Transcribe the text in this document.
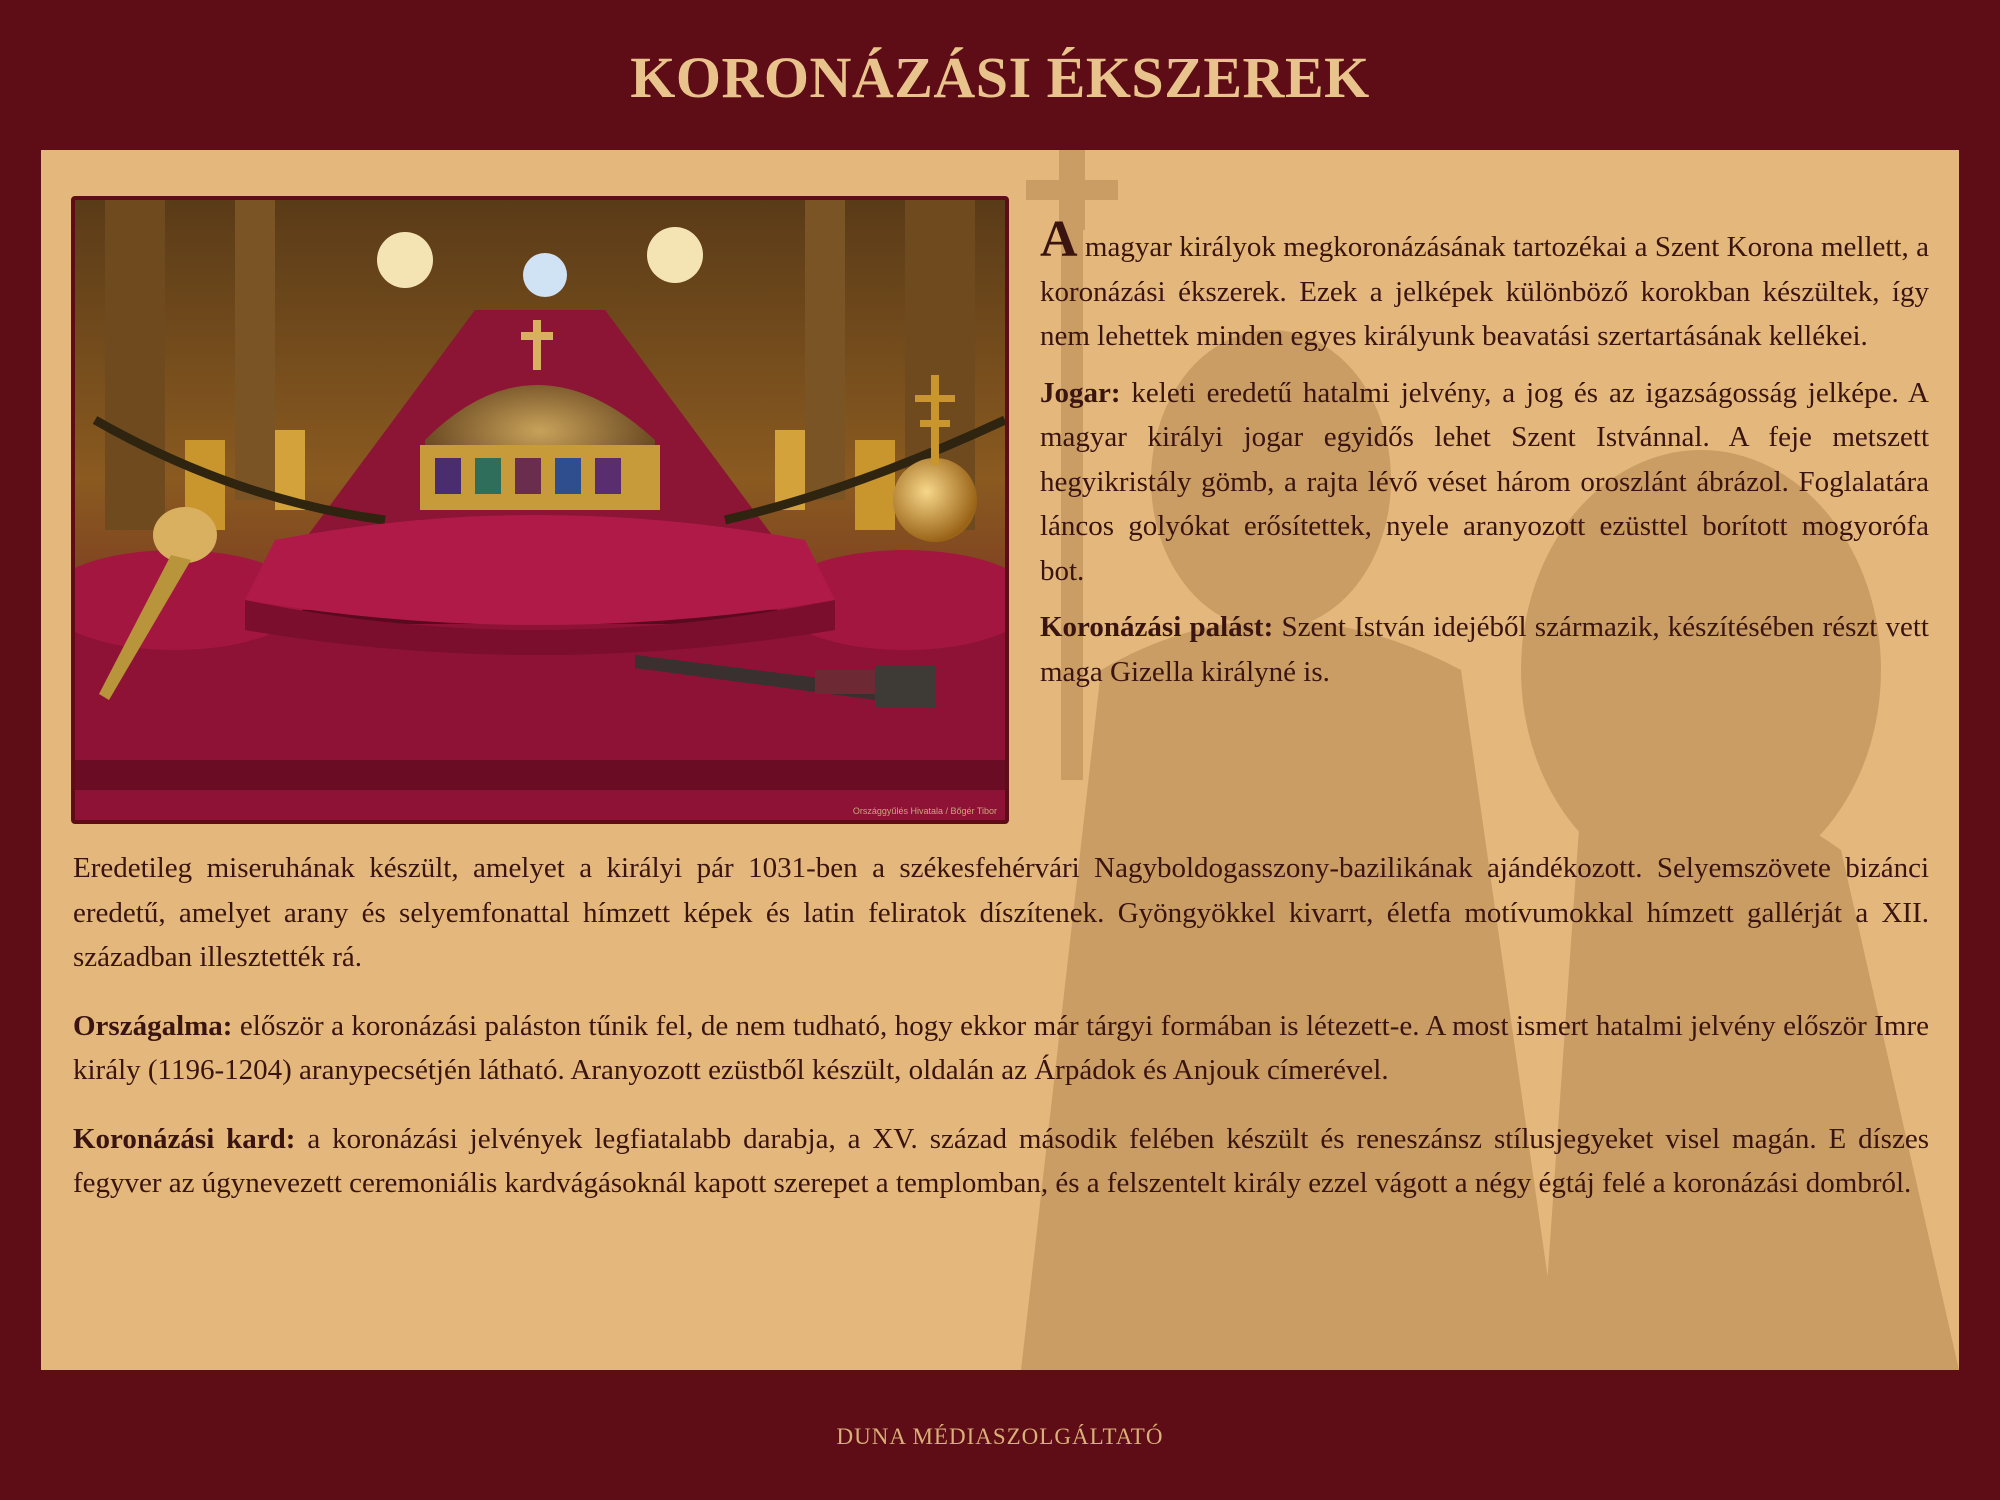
KORONÁZÁSI ÉKSZEREK
Országgyűlés Hivatala / Bőgér Tibor

A magyar királyok megkoronázásának tartozékai a Szent Korona mellett, a koronázási ékszerek. Ezek a jelképek különböző korokban készültek, így nem lehettek minden egyes királyunk beavatási szertartásának kellékei.

Jogar: keleti eredetű hatalmi jelvény, a jog és az igazságosság jelképe. A magyar királyi jogar egyidős lehet Szent Istvánnal. A feje metszett hegyikristály gömb, a rajta lévő véset három oroszlánt ábrázol. Foglalatára láncos golyókat erősítettek, nyele aranyozott ezüsttel borított mogyorófa bot.

Koronázási palást: Szent István idejéből származik, készítésében részt vett maga Gizella királyné is.

Eredetileg miseruhának készült, amelyet a királyi pár 1031-ben a székesfehérvári Nagyboldogasszony-bazilikának ajándékozott. Selyemszövete bizánci eredetű, amelyet arany és selyemfonattal hímzett képek és latin feliratok díszítenek. Gyöngyökkel kivarrt, életfa motívumokkal hímzett gallérját a XII. században illesztették rá.

Országalma: először a koronázási paláston tűnik fel, de nem tudható, hogy ekkor már tárgyi formában is létezett-e. A most ismert hatalmi jelvény először Imre király (1196-1204) aranypecsétjén látható. Aranyozott ezüstből készült, oldalán az Árpádok és Anjouk címerével.

Koronázási kard: a koronázási jelvények legfiatalabb darabja, a XV. század második felében készült és reneszánsz stílusjegyeket visel magán. E díszes fegyver az úgynevezett ceremoniális kardvágásoknál kapott szerepet a templomban, és a felszentelt király ezzel vágott a négy égtáj felé a koronázási dombról.

DUNA MÉDIASZOLGÁLTATÓ
